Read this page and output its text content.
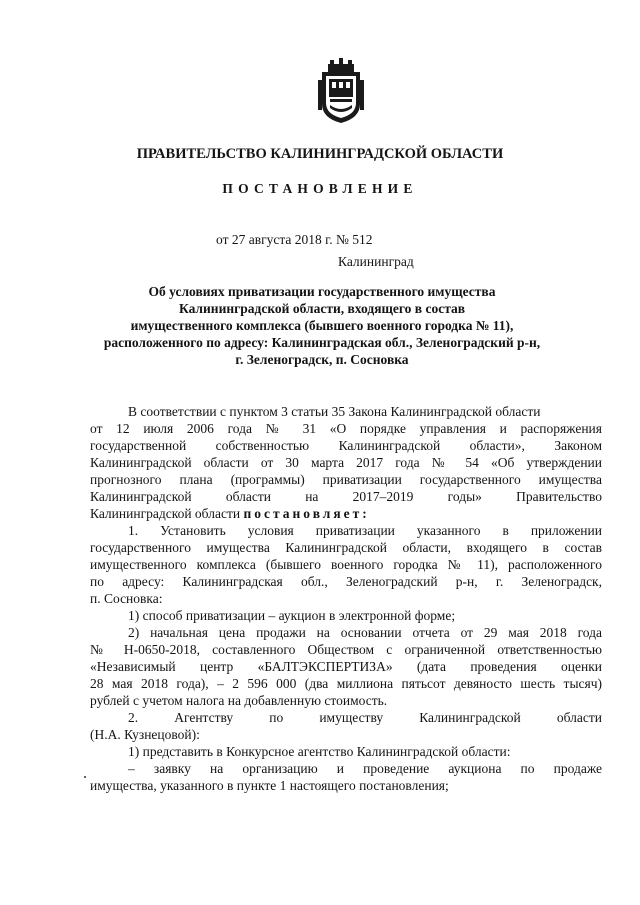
ПРАВИТЕЛЬСТВО КАЛИНИНГРАДСКОЙ ОБЛАСТИ
ПОСТАНОВЛЕНИЕ
от 27 августа 2018 г. № 512
Калининград
Об условиях приватизации государственного имущества
Калининградской области, входящего в состав
имущественного комплекса (бывшего военного городка № 11),
расположенного по адресу: Калининградская обл., Зеленоградский р-н,
г. Зеленоградск, п. Сосновка
В соответствии с пунктом 3 статьи 35 Закона Калининградской области
от 12 июля 2006 года № 31 «О порядке управления и распоряжения
государственной собственностью Калининградской области», Законом
Калининградской области от 30 марта 2017 года № 54 «Об утверждении
прогнозного плана (программы) приватизации государственного имущества
Калининградской области на 2017–2019 годы» Правительство
Калининградской области постановляет:
1. Установить условия приватизации указанного в приложении
государственного имущества Калининградской области, входящего в состав
имущественного комплекса (бывшего военного городка № 11), расположенного
по адресу: Калининградская обл., Зеленоградский р-н, г. Зеленоградск,
п. Сосновка:
1) способ приватизации – аукцион в электронной форме;
2) начальная цена продажи на основании отчета от 29 мая 2018 года
№ Н-0650-2018, составленного Обществом с ограниченной ответственностью
«Независимый центр «БАЛТЭКСПЕРТИЗА» (дата проведения оценки
28 мая 2018 года), – 2 596 000 (два миллиона пятьсот девяносто шесть тысяч)
рублей с учетом налога на добавленную стоимость.
2. Агентству по имуществу Калининградской области
(Н.А. Кузнецовой):
1) представить в Конкурсное агентство Калининградской области:
– заявку на организацию и проведение аукциона по продаже
имущества, указанного в пункте 1 настоящего постановления;
